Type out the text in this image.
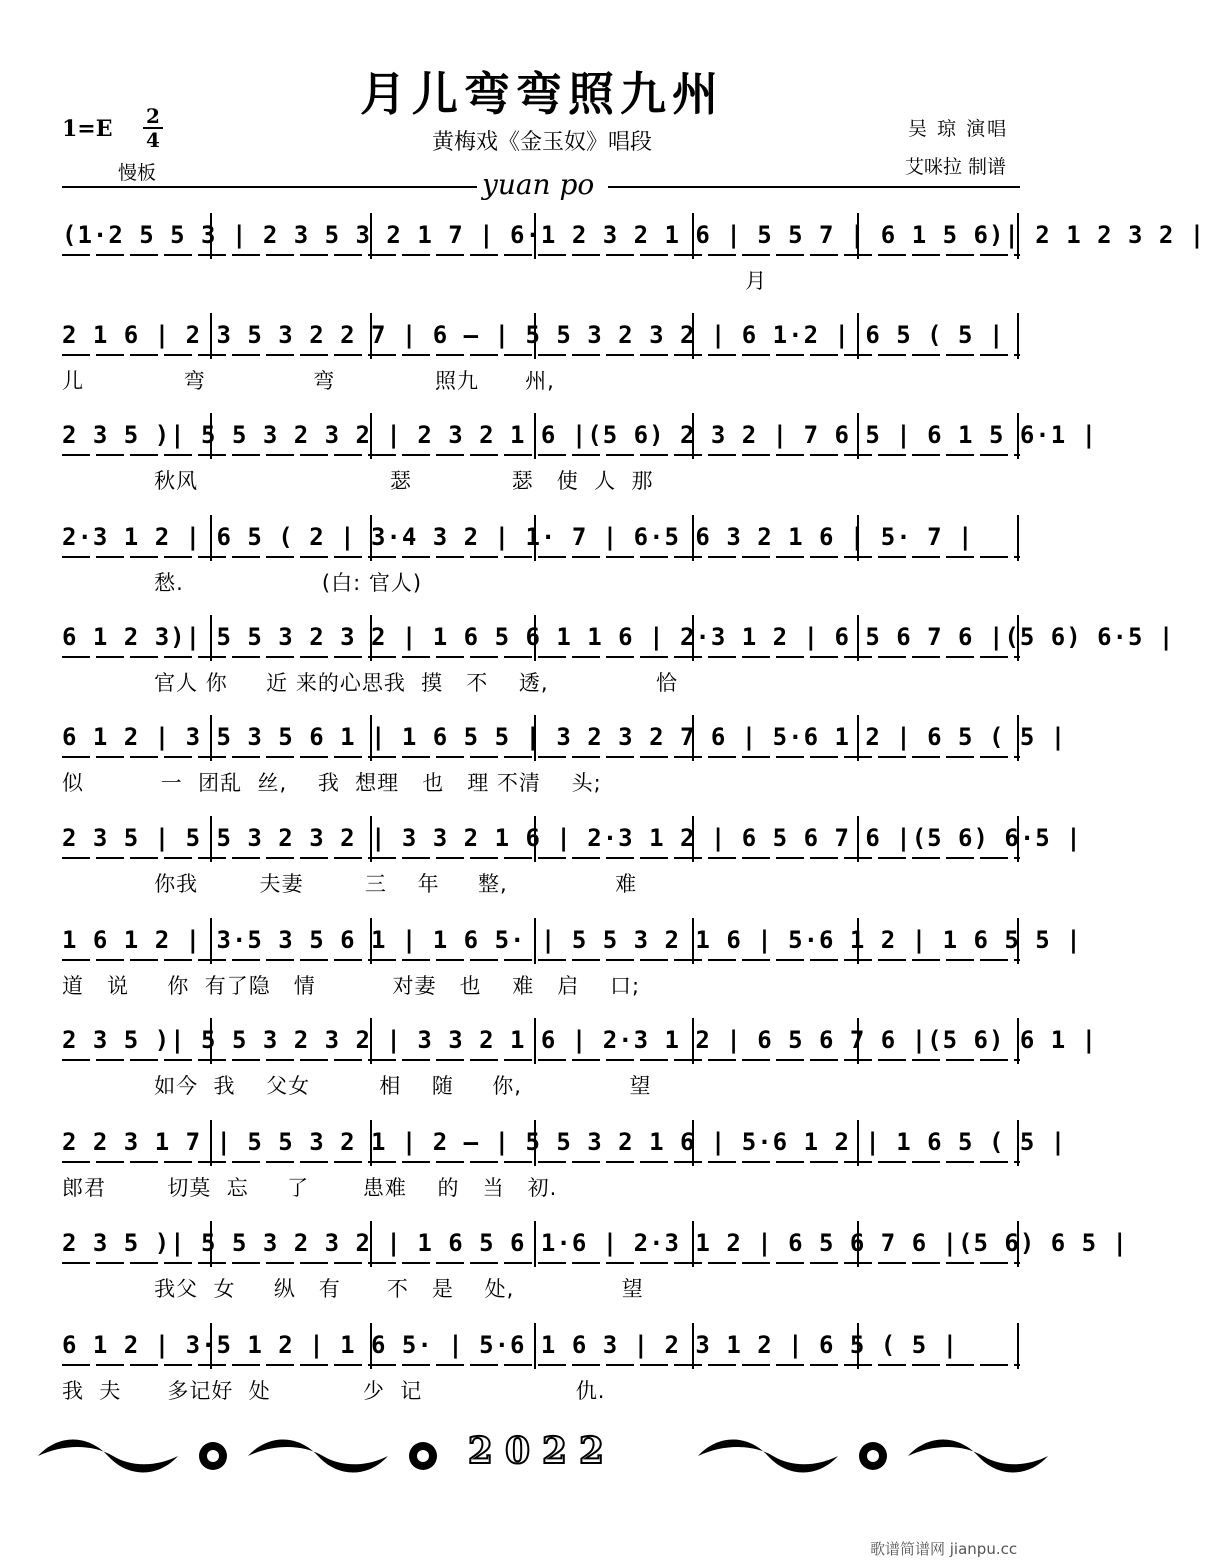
月儿弯弯照九州
1=E 2
4
慢板
黄梅戏《金玉奴》唱段
吴 琼 演唱
艾咪拉 制谱
yuan po
(1·2 5 5 3 | 2 3 5 3 2 1 7 | 6·1 2 3 2 1 6 | 5 5 7 | 6 1 5 6)| 2 1 2 3 2 |
月
2 1 6 | 2 3 5 3 2 2 7 | 6 – | 5 5 3 2 3 2 | 6 1·2 | 6 5 ( 5 |
儿             弯              弯             照九      州,
2 3 5 )| 5 5 3 2 3 2 | 2 3 2 1 6 |(5 6) 2 3 2 | 7 6 5 | 6 1 5 6·1 |
秋风                         瑟             瑟   使  人  那
2·3 1 2 | 6 5 ( 2 | 3·4 3 2 | 1· 7 | 6·5 6 3 2 1 6 | 5· 7 |
愁.                  (白: 官人)
6 1 2 3)| 5 5 3 2 3 2 | 1 6 5 6 1 1 6 | 2·3 1 2 | 6 5 6 7 6 |(5 6) 6·5 |
官人 你     近 来的心思我  摸   不    透,              恰
6 1 2 | 3 5 3 5 6 1 | 1 6 5 5 | 3 2 3 2 7 6 | 5·6 1 2 | 6 5 ( 5 |
似          一  团乱  丝,    我  想理   也   理 不清    头;
2 3 5 | 5 5 3 2 3 2 | 3 3 2 1 6 | 2·3 1 2 | 6 5 6 7 6 |(5 6) 6·5 |
你我        夫妻        三    年     整,              难
1 6 1 2 | 3·5 3 5 6 1 | 1 6 5· | 5 5 3 2 1 6 | 5·6 1 2 | 1 6 5 5 |
道   说     你  有了隐   情          对妻   也    难   启    口;
2 3 5 )| 5 5 3 2 3 2 | 3 3 2 1 6 | 2·3 1 2 | 6 5 6 7 6 |(5 6) 6 1 |
如今  我    父女         相    随     你,              望
2 2 3 1 7 | 5 5 3 2 1 | 2 – | 5 5 3 2 1 6 | 5·6 1 2 | 1 6 5 ( 5 |
郎君        切莫  忘     了       患难    的   当   初.
2 3 5 )| 5 5 3 2 3 2 | 1 6 5 6 1·6 | 2·3 1 2 | 6 5 6 7 6 |(5 6) 6 5 |
我父  女     纵   有      不   是    处,              望
6 1 2 | 3·5 1 2 | 1 6 5· | 5·6 1 6 3 | 2 3 1 2 | 6 5 ( 5 |
我  夫      多记好  处            少  记                    仇.
2022
歌谱简谱网 jianpu.cc
